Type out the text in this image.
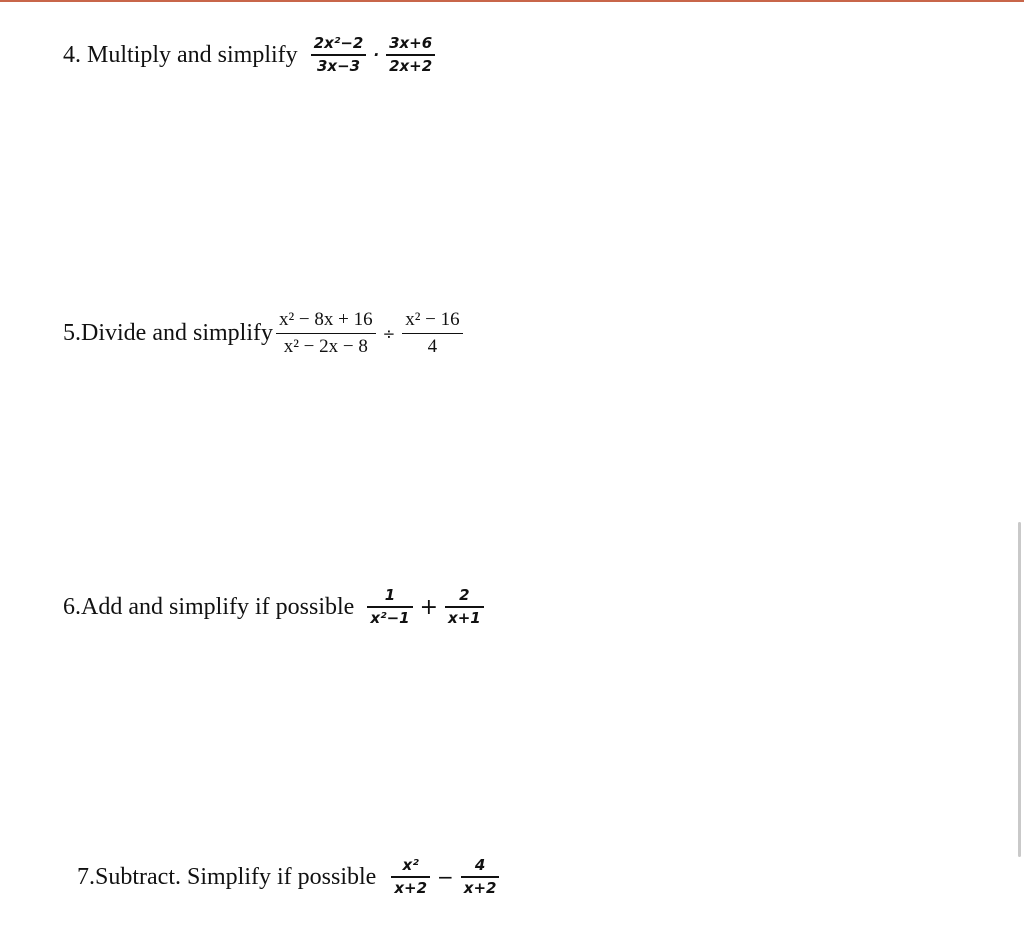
4. Multiply and simplify $\frac{\text{2x²−2}}{3x-3} \cdot \frac{3x+6}{2x+2}$
5.Divide and simplify $\frac{\text{x² − 8x + 16}}{\text{x² − 2x − 8}} \div \frac{\text{x² − 16}}{4}$
6.Add and simplify if possible $\frac{1}{\text{x²−1}} + \frac{2}{x+1}$
7.Subtract. Simplify if possible $\frac{\text{x²}}{x+2} - \frac{4}{x+2}$
